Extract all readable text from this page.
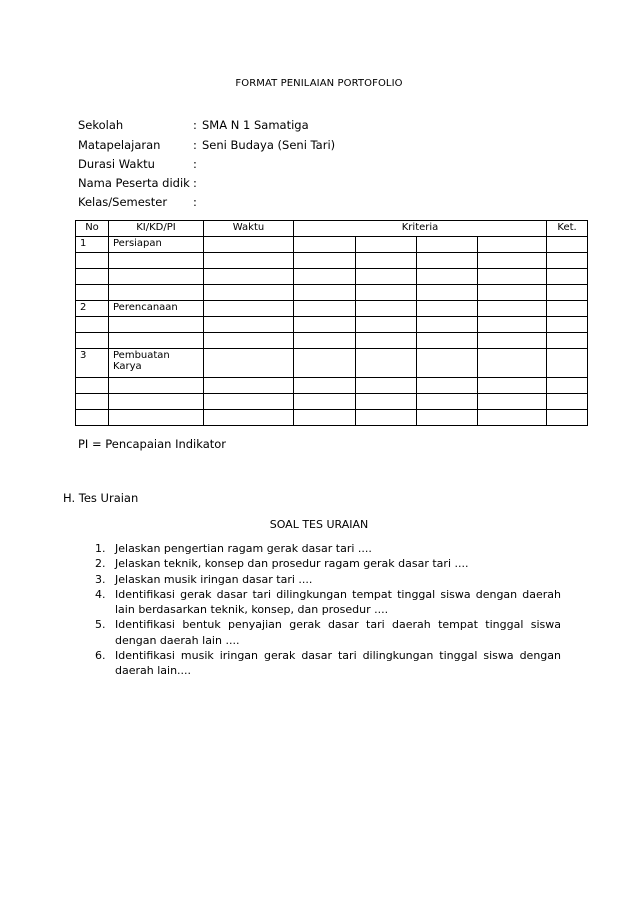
FORMAT PENILAIAN PORTOFOLIO
Sekolah	: SMA N 1 Samatiga
Matapelajaran	: Seni Budaya (Seni Tari)
Durasi Waktu	:
Nama Peserta didik :
Kelas/Semester :
No	KI/KD/PI	Waktu	Kriteria				Ket.
1	Persiapan						

2	Perencanaan						

3	Pembuatan Karya						

PI = Pencapaian Indikator
H. Tes Uraian
SOAL TES URAIAN
1. Jelaskan pengertian ragam gerak dasar tari ....
2. Jelaskan teknik, konsep dan prosedur ragam gerak dasar tari ....
3. Jelaskan musik iringan dasar tari ....
4. Identifikasi gerak dasar tari dilingkungan tempat tinggal siswa dengan daerah lain berdasarkan teknik, konsep, dan prosedur ....
5. Identifikasi bentuk penyajian gerak dasar tari daerah tempat tinggal siswa dengan daerah lain ....
6. Identifikasi musik iringan gerak dasar tari dilingkungan tinggal siswa dengan daerah lain....
